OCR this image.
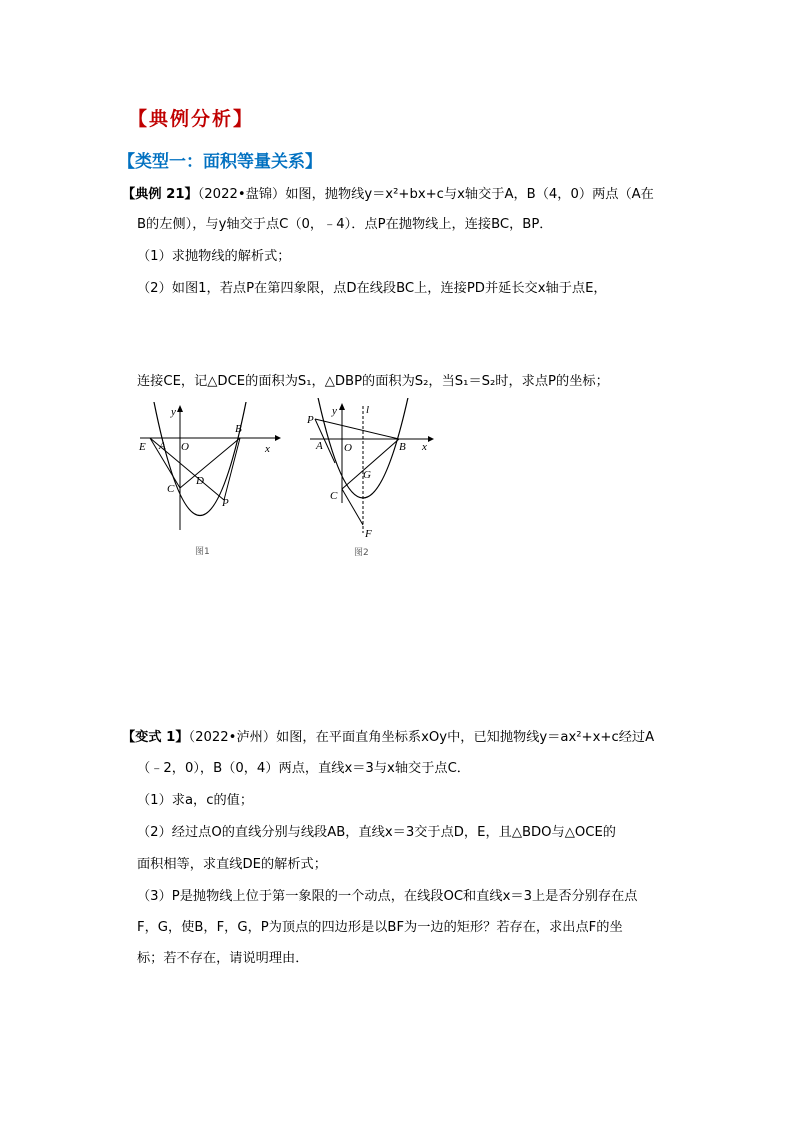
【典例分析】
【类型一：面积等量关系】
【典例 21】（2022•盘锦）如图，抛物线y＝x²+bx+c与x轴交于A，B（4，0）两点（A在
B的左侧），与y轴交于点C（0，﹣4）．点P在抛物线上，连接BC，BP．
（1）求抛物线的解析式；
（2）如图1，若点P在第四象限，点D在线段BC上，连接PD并延长交x轴于点E，
连接CE，记△DCE的面积为S₁，△DBP的面积为S₂，当S₁＝S₂时，求点P的坐标；
y
x
O
A
B
C
D
E
P
图1
y	l
x
O
A	B
P
C
G
F
图2
【变式 1】（2022•泸州）如图，在平面直角坐标系xOy中，已知抛物线y＝ax²+x+c经过A
（﹣2，0），B（0，4）两点，直线x＝3与x轴交于点C．
（1）求a，c的值；
（2）经过点O的直线分别与线段AB，直线x＝3交于点D，E，且△BDO与△OCE的
面积相等，求直线DE的解析式；
（3）P是抛物线上位于第一象限的一个动点，在线段OC和直线x＝3上是否分别存在点
F，G，使B，F，G，P为顶点的四边形是以BF为一边的矩形？若存在，求出点F的坐
标；若不存在，请说明理由．
